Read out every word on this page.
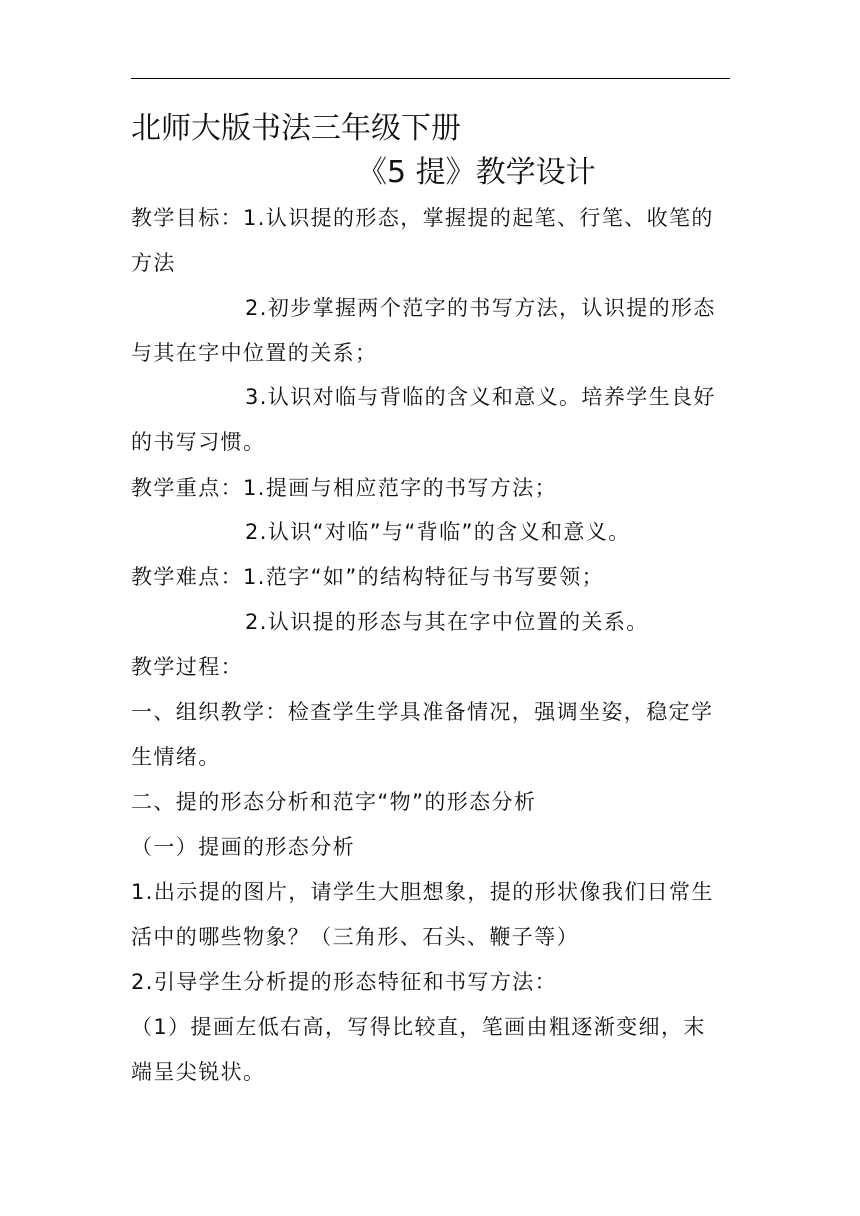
北师大版书法三年级下册
《5 提》教学设计
教学目标：1.认识提的形态，掌握提的起笔、行笔、收笔的
方法
2.初步掌握两个范字的书写方法，认识提的形态
与其在字中位置的关系；
3.认识对临与背临的含义和意义。培养学生良好
的书写习惯。
教学重点：1.提画与相应范字的书写方法；
2.认识“对临”与“背临”的含义和意义。
教学难点：1.范字“如”的结构特征与书写要领；
2.认识提的形态与其在字中位置的关系。
教学过程：
一、组织教学：检查学生学具准备情况，强调坐姿，稳定学
生情绪。
二、提的形态分析和范字“物”的形态分析
（一）提画的形态分析
1.出示提的图片，请学生大胆想象，提的形状像我们日常生
活中的哪些物象？（三角形、石头、鞭子等）
2.引导学生分析提的形态特征和书写方法：
（1）提画左低右高，写得比较直，笔画由粗逐渐变细，末
端呈尖锐状。
